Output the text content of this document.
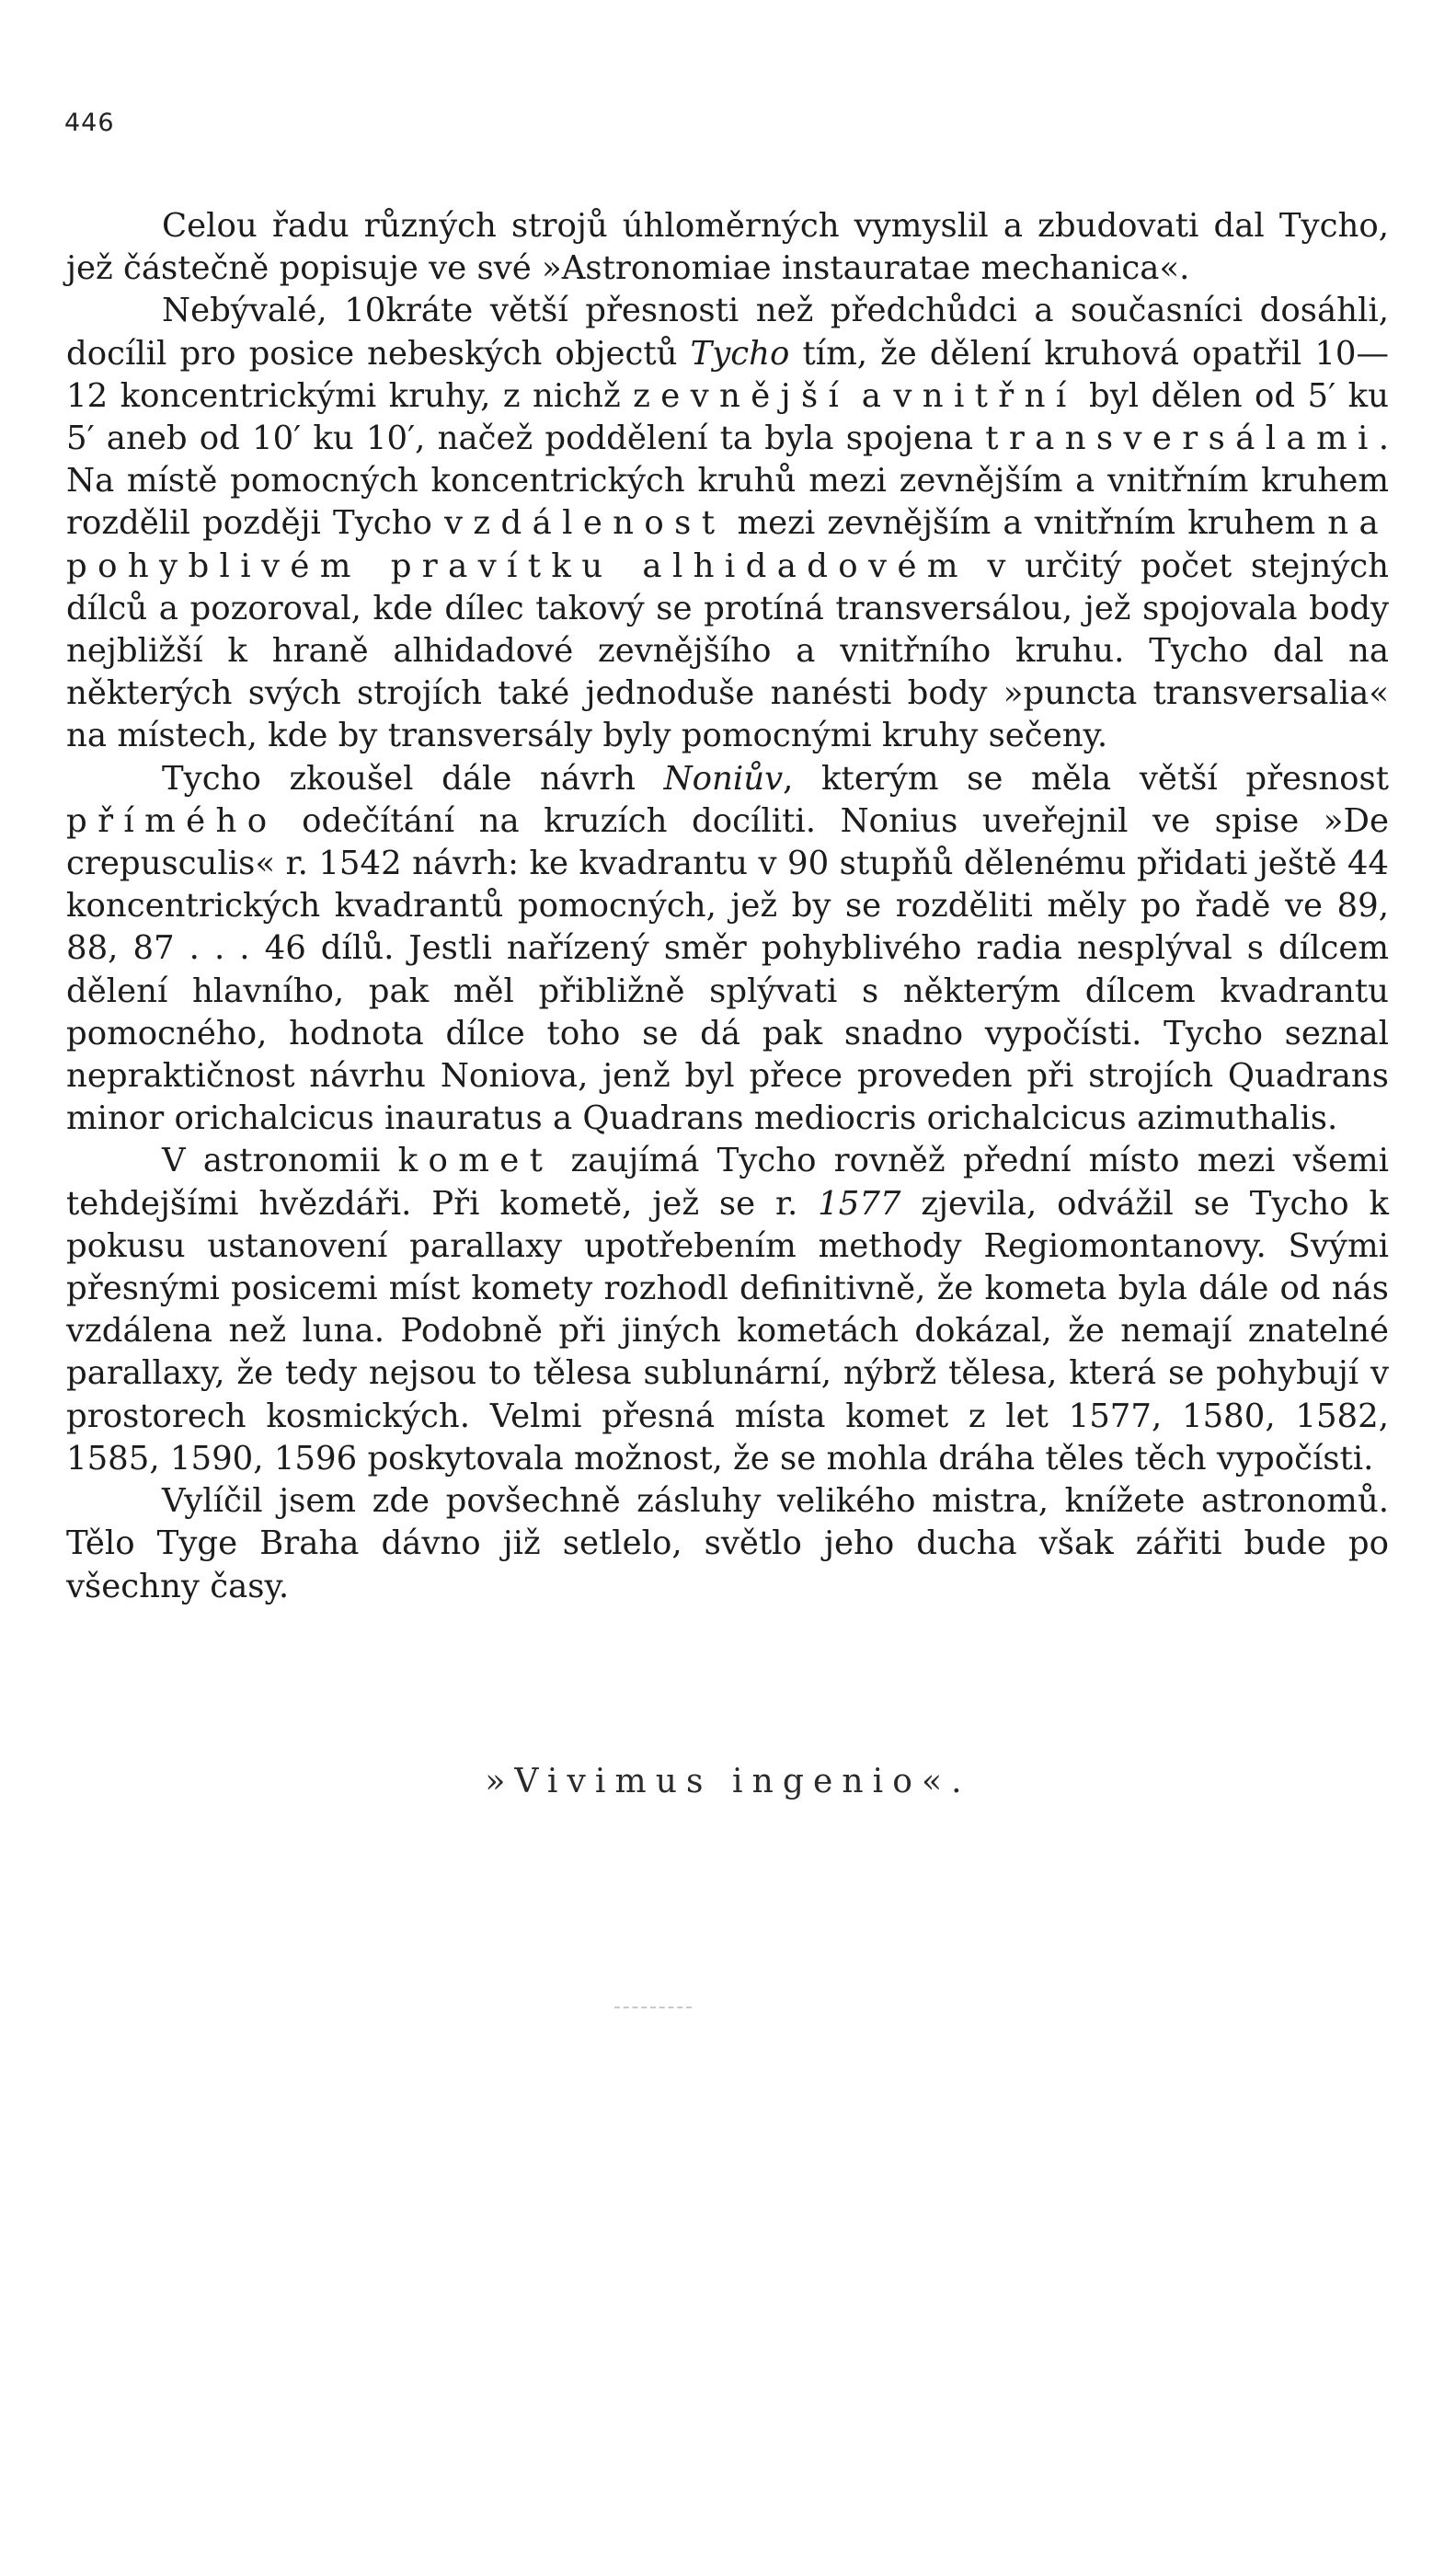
446

Celou řadu různých strojů úhloměrných vymyslil a zbudovati dal Tycho, jež částečně popisuje ve své »Astronomiae instauratae mechanica«.

Nebývalé, 10kráte větší přesnosti než předchůdci a současníci dosáhli, docílil pro posice nebeských objectů Tycho tím, že dělení kruhová opatřil 10—12 koncentrickými kruhy, z nichž zevnější a vnitřní byl dělen od 5′ ku 5′ aneb od 10′ ku 10′, načež poddělení ta byla spojena transversálami. Na místě pomocných koncentrických kruhů mezi zevnějším a vnitřním kruhem rozdělil později Tycho vzdálenost mezi zevnějším a vnitřním kruhem na pohyblivém pravítku alhidadovém v určitý počet stejných dílců a pozoroval, kde dílec takový se protíná transversálou, jež spojovala body nejbližší k hraně alhidadové zevnějšího a vnitřního kruhu. Tycho dal na některých svých strojích také jednoduše nanésti body »puncta transversalia« na místech, kde by transversály byly pomocnými kruhy sečeny.

Tycho zkoušel dále návrh Noniův, kterým se měla větší přesnost přímého odečítání na kruzích docíliti. Nonius uveřejnil ve spise »De crepusculis« r. 1542 návrh: ke kvadrantu v 90 stupňů dělenému přidati ještě 44 koncentrických kvadrantů pomocných, jež by se rozděliti měly po řadě ve 89, 88, 87 . . . 46 dílů. Jestli nařízený směr pohyblivého radia nesplýval s dílcem dělení hlavního, pak měl přibližně splývati s některým dílcem kvadrantu pomocného, hodnota dílce toho se dá pak snadno vypočísti. Tycho seznal nepraktičnost návrhu Noniova, jenž byl přece proveden při strojích Quadrans minor orichalcicus inauratus a Quadrans mediocris orichalcicus azimuthalis.

V astronomii komet zaujímá Tycho rovněž přední místo mezi všemi tehdejšími hvězdáři. Při kometě, jež se r. 1577 zjevila, odvážil se Tycho k pokusu ustanovení parallaxy upotřebením methody Regiomontanovy. Svými přesnými posicemi míst komety rozhodl definitivně, že kometa byla dále od nás vzdálena než luna. Podobně při jiných kometách dokázal, že nemají znatelné parallaxy, že tedy nejsou to tělesa sublunární, nýbrž tělesa, která se pohybují v prostorech kosmických. Velmi přesná místa komet z let 1577, 1580, 1582, 1585, 1590, 1596 poskytovala možnost, že se mohla dráha těles těch vypočísti.

Vylíčil jsem zde povšechně zásluhy velikého mistra, knížete astronomů. Tělo Tyge Braha dávno již setlelo, světlo jeho ducha však zářiti bude po všechny časy.

»Vivimus ingenio«.
